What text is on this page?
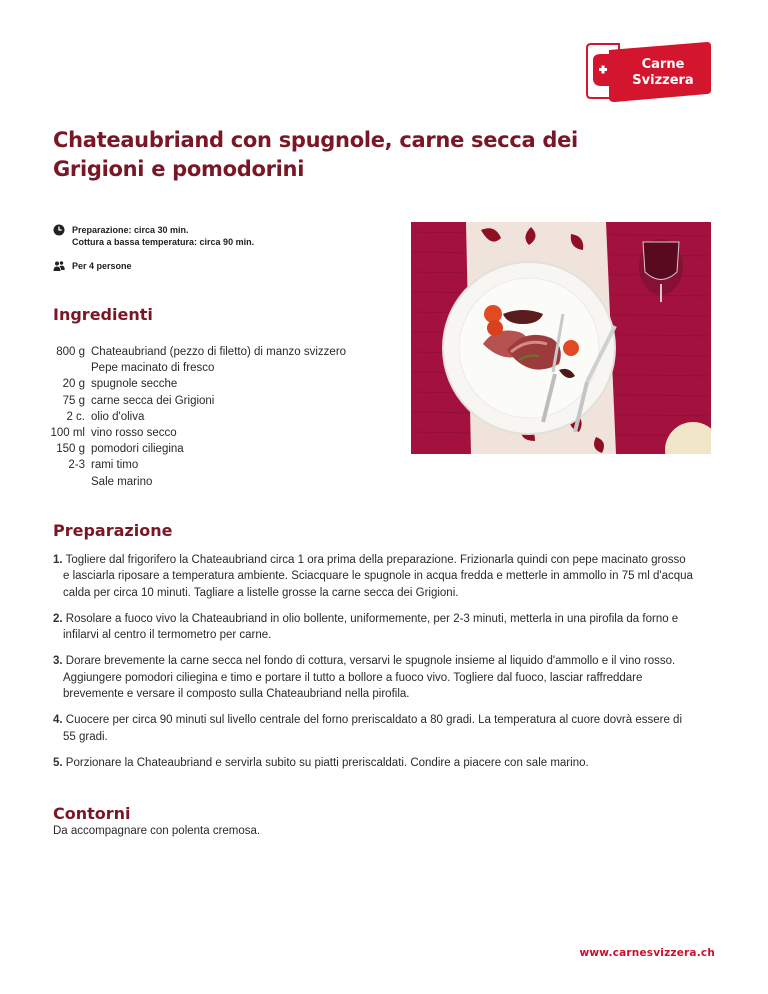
Carne
Svizzera
Chateaubriand con spugnole, carne secca dei Grigioni e pomodorini
Preparazione: circa 30 min.
Cottura a bassa temperatura: circa 90 min.
Per 4 persone
Ingredienti
800 g Chateaubriand (pezzo di filetto) di manzo svizzero
Pepe macinato di fresco
20 g spugnole secche
75 g carne secca dei Grigioni
2 c. olio d'oliva
100 ml vino rosso secco
150 g pomodori ciliegina
2-3 rami timo
Sale marino
Preparazione
1. Togliere dal frigorifero la Chateaubriand circa 1 ora prima della preparazione. Frizionarla quindi con pepe macinato grosso e lasciarla riposare a temperatura ambiente. Sciacquare le spugnole in acqua fredda e metterle in ammollo in 75 ml d'acqua calda per circa 10 minuti. Tagliare a listelle grosse la carne secca dei Grigioni.
2. Rosolare a fuoco vivo la Chateaubriand in olio bollente, uniformemente, per 2-3 minuti, metterla in una pirofila da forno e infilarvi al centro il termometro per carne.
3. Dorare brevemente la carne secca nel fondo di cottura, versarvi le spugnole insieme al liquido d'ammollo e il vino rosso. Aggiungere pomodori ciliegina e timo e portare il tutto a bollore a fuoco vivo. Togliere dal fuoco, lasciar raffreddare brevemente e versare il composto sulla Chateaubriand nella pirofila.
4. Cuocere per circa 90 minuti sul livello centrale del forno preriscaldato a 80 gradi. La temperatura al cuore dovrà essere di 55 gradi.
5. Porzionare la Chateaubriand e servirla subito su piatti preriscaldati. Condire a piacere con sale marino.
Contorni

Da accompagnare con polenta cremosa.

www.carnesvizzera.ch
